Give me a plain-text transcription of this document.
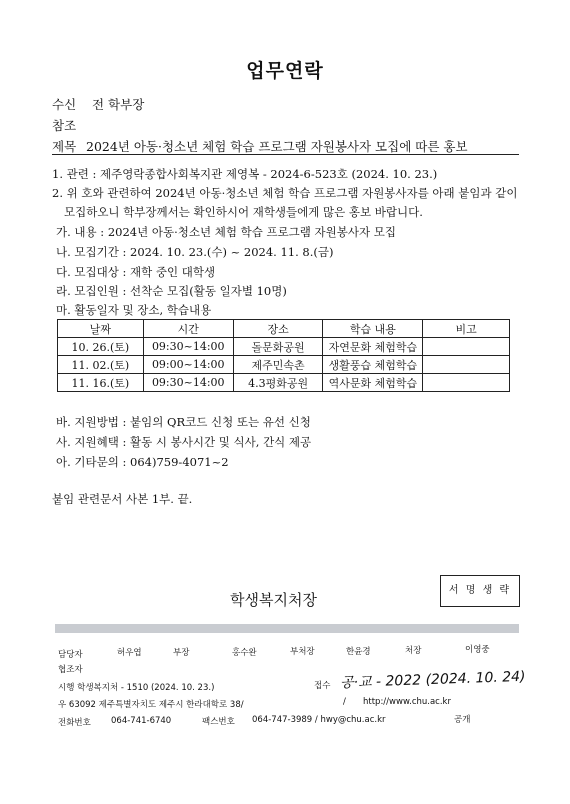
업무연락
수신 전 학부장
참조
제목 2024년 아동·청소년 체험 학습 프로그램 자원봉사자 모집에 따른 홍보
1. 관련 : 제주영락종합사회복지관 제영복 - 2024-6-523호 (2024. 10. 23.)
2. 위 호와 관련하여 2024년 아동·청소년 체험 학습 프로그램 자원봉사자를 아래 붙임과 같이
모집하오니 학부장께서는 확인하시어 재학생들에게 많은 홍보 바랍니다.
가. 내용 : 2024년 아동·청소년 체험 학습 프로그램 자원봉사자 모집
나. 모집기간 : 2024. 10. 23.(수) ~ 2024. 11. 8.(금)
다. 모집대상 : 재학 중인 대학생
라. 모집인원 : 선착순 모집(활동 일자별 10명)
마. 활동일자 및 장소, 학습내용
날짜	시간	장소	학습 내용	비고
10. 26.(토)	09:30~14:00	돌문화공원	자연문화 체험학습	
11. 02.(토)	09:00~14:00	제주민속촌	생활풍습 체험학습	
11. 16.(토)	09:30~14:00	4.3평화공원	역사문화 체험학습	
바. 지원방법 : 붙임의 QR코드 신청 또는 유선 신청
사. 지원혜택 : 활동 시 봉사시간 및 식사, 간식 제공
아. 기타문의 : 064)759-4071~2
붙임 관련문서 사본 1부. 끝.
학생복지처장
서 명 생 략
담당자	허우엽	부장	홍수완	부처장	한윤경	처장	이영중
협조자
시행 학생복지처 - 1510 (2024. 10. 23.)	접수 공·교 - 2022 (2024. 10. 24)
우 63092 제주특별자치도 제주시 한라대학로 38/	/ http://www.chu.ac.kr
전화번호 064-741-6740	팩스번호 064-747-3989 / hwy@chu.ac.kr	공개
